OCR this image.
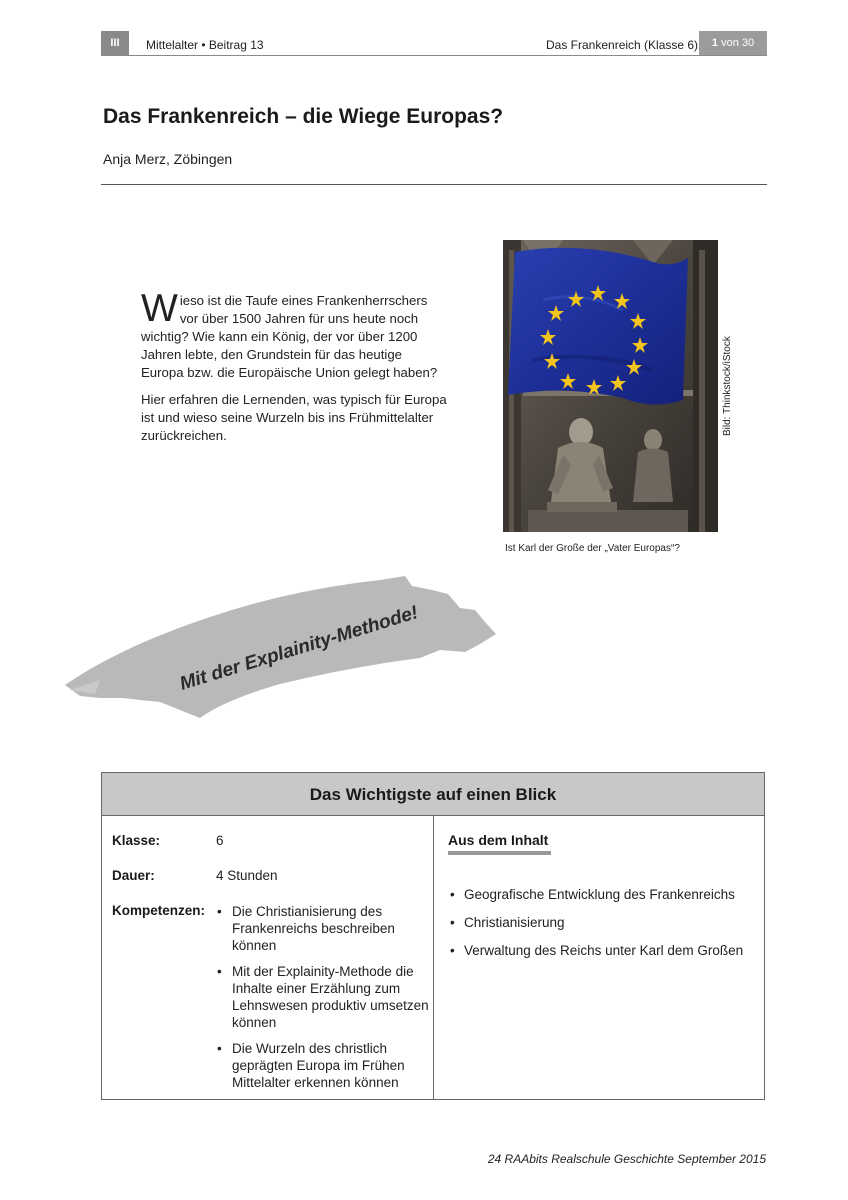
III	Mittelalter • Beitrag 13	Das Frankenreich (Klasse 6)	1 von 30
Das Frankenreich – die Wiege Europas?
Anja Merz, Zöbingen

Wieso ist die Taufe eines Frankenherrschers vor über 1500 Jahren für uns heute noch wichtig? Wie kann ein König, der vor über 1200 Jahren lebte, den Grundstein für das heutige Europa bzw. die Europäische Union gelegt haben?

Hier erfahren die Lernenden, was typisch für Europa ist und wieso seine Wurzeln bis ins Frühmittelalter zurückreichen.	Bild: Thinkstock/iStock
Ist Karl der Große der „Vater Europas“?
Mit der Explainity-Methode!
Das Wichtigste auf einen Blick
Klasse:	6
Dauer:	4 Stunden
Kompetenzen:
•	Die Christianisierung des Frankenreichs beschreiben können
• Mit der Explainity-Methode die Inhalte einer Erzählung zum Lehnswesen produktiv umsetzen können
• Die Wurzeln des christlich geprägten Europa im Frühen Mittelalter erkennen können
Aus dem Inhalt
• Geografische Entwicklung des Frankenreichs
• Christianisierung
• Verwaltung des Reichs unter Karl dem Großen
24 RAAbits Realschule Geschichte September 2015
